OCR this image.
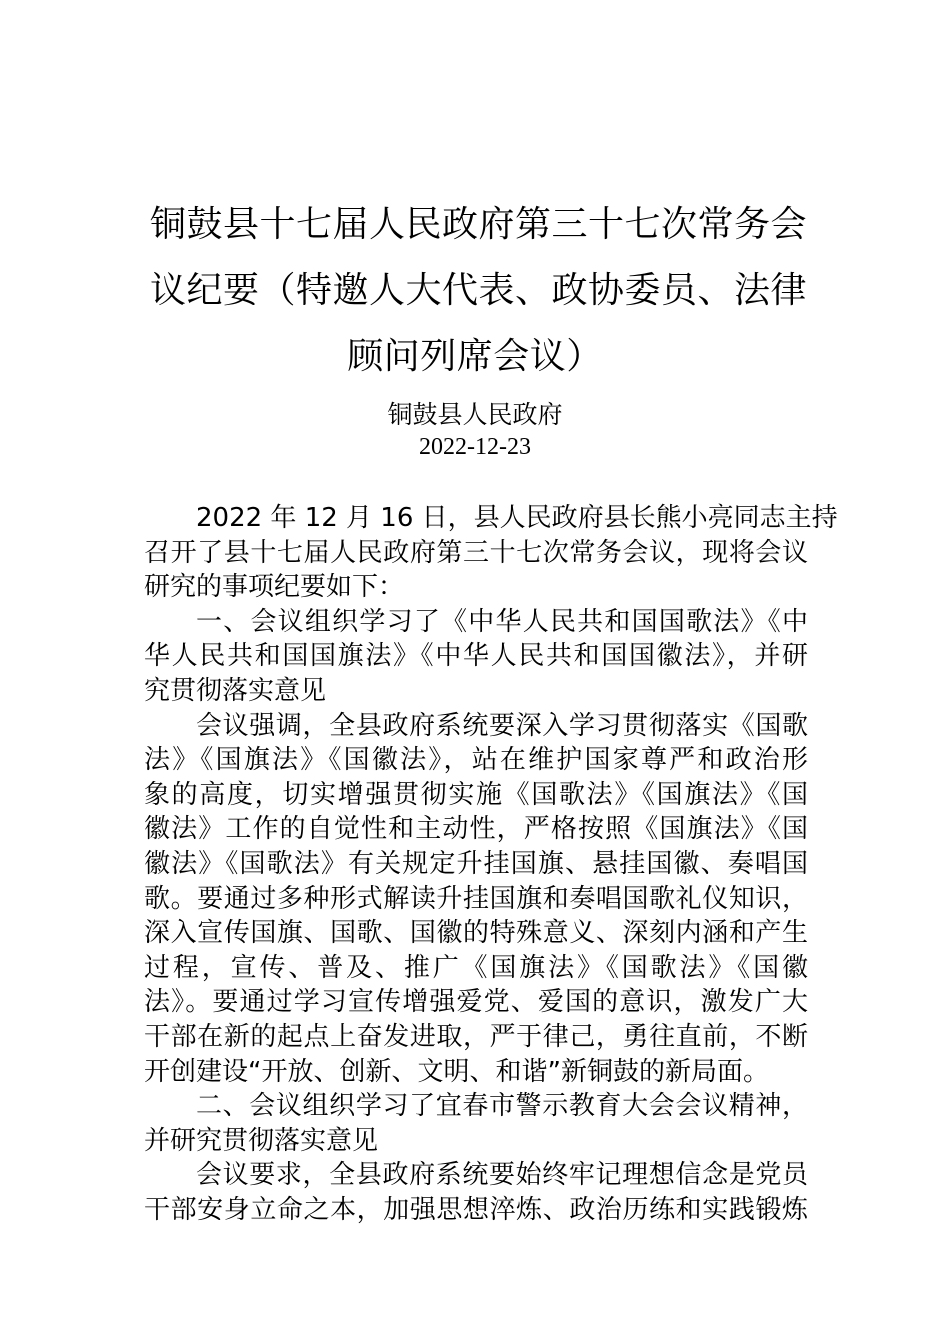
铜鼓县十七届人民政府第三十七次常务会
议纪要（特邀人大代表、政协委员、法律
顾问列席会议）
铜鼓县人民政府
2022-12-23
2022 年 12 月 16 日，县人民政府县长熊小亮同志主持
召开了县十七届人民政府第三十七次常务会议，现将会议
研究的事项纪要如下：
一、会议组织学习了《中华人民共和国国歌法》《中
华人民共和国国旗法》《中华人民共和国国徽法》，并研
究贯彻落实意见
会议强调，全县政府系统要深入学习贯彻落实《国歌
法》《国旗法》《国徽法》，站在维护国家尊严和政治形
象的高度，切实增强贯彻实施《国歌法》《国旗法》《国
徽法》工作的自觉性和主动性，严格按照《国旗法》《国
徽法》《国歌法》有关规定升挂国旗、悬挂国徽、奏唱国
歌。要通过多种形式解读升挂国旗和奏唱国歌礼仪知识，
深入宣传国旗、国歌、国徽的特殊意义、深刻内涵和产生
过程，宣传、普及、推广《国旗法》《国歌法》《国徽
法》。要通过学习宣传增强爱党、爱国的意识，激发广大
干部在新的起点上奋发进取，严于律己，勇往直前，不断
开创建设“开放、创新、文明、和谐”新铜鼓的新局面。
二、会议组织学习了宜春市警示教育大会会议精神，
并研究贯彻落实意见
会议要求，全县政府系统要始终牢记理想信念是党员
干部安身立命之本，加强思想淬炼、政治历练和实践锻炼
